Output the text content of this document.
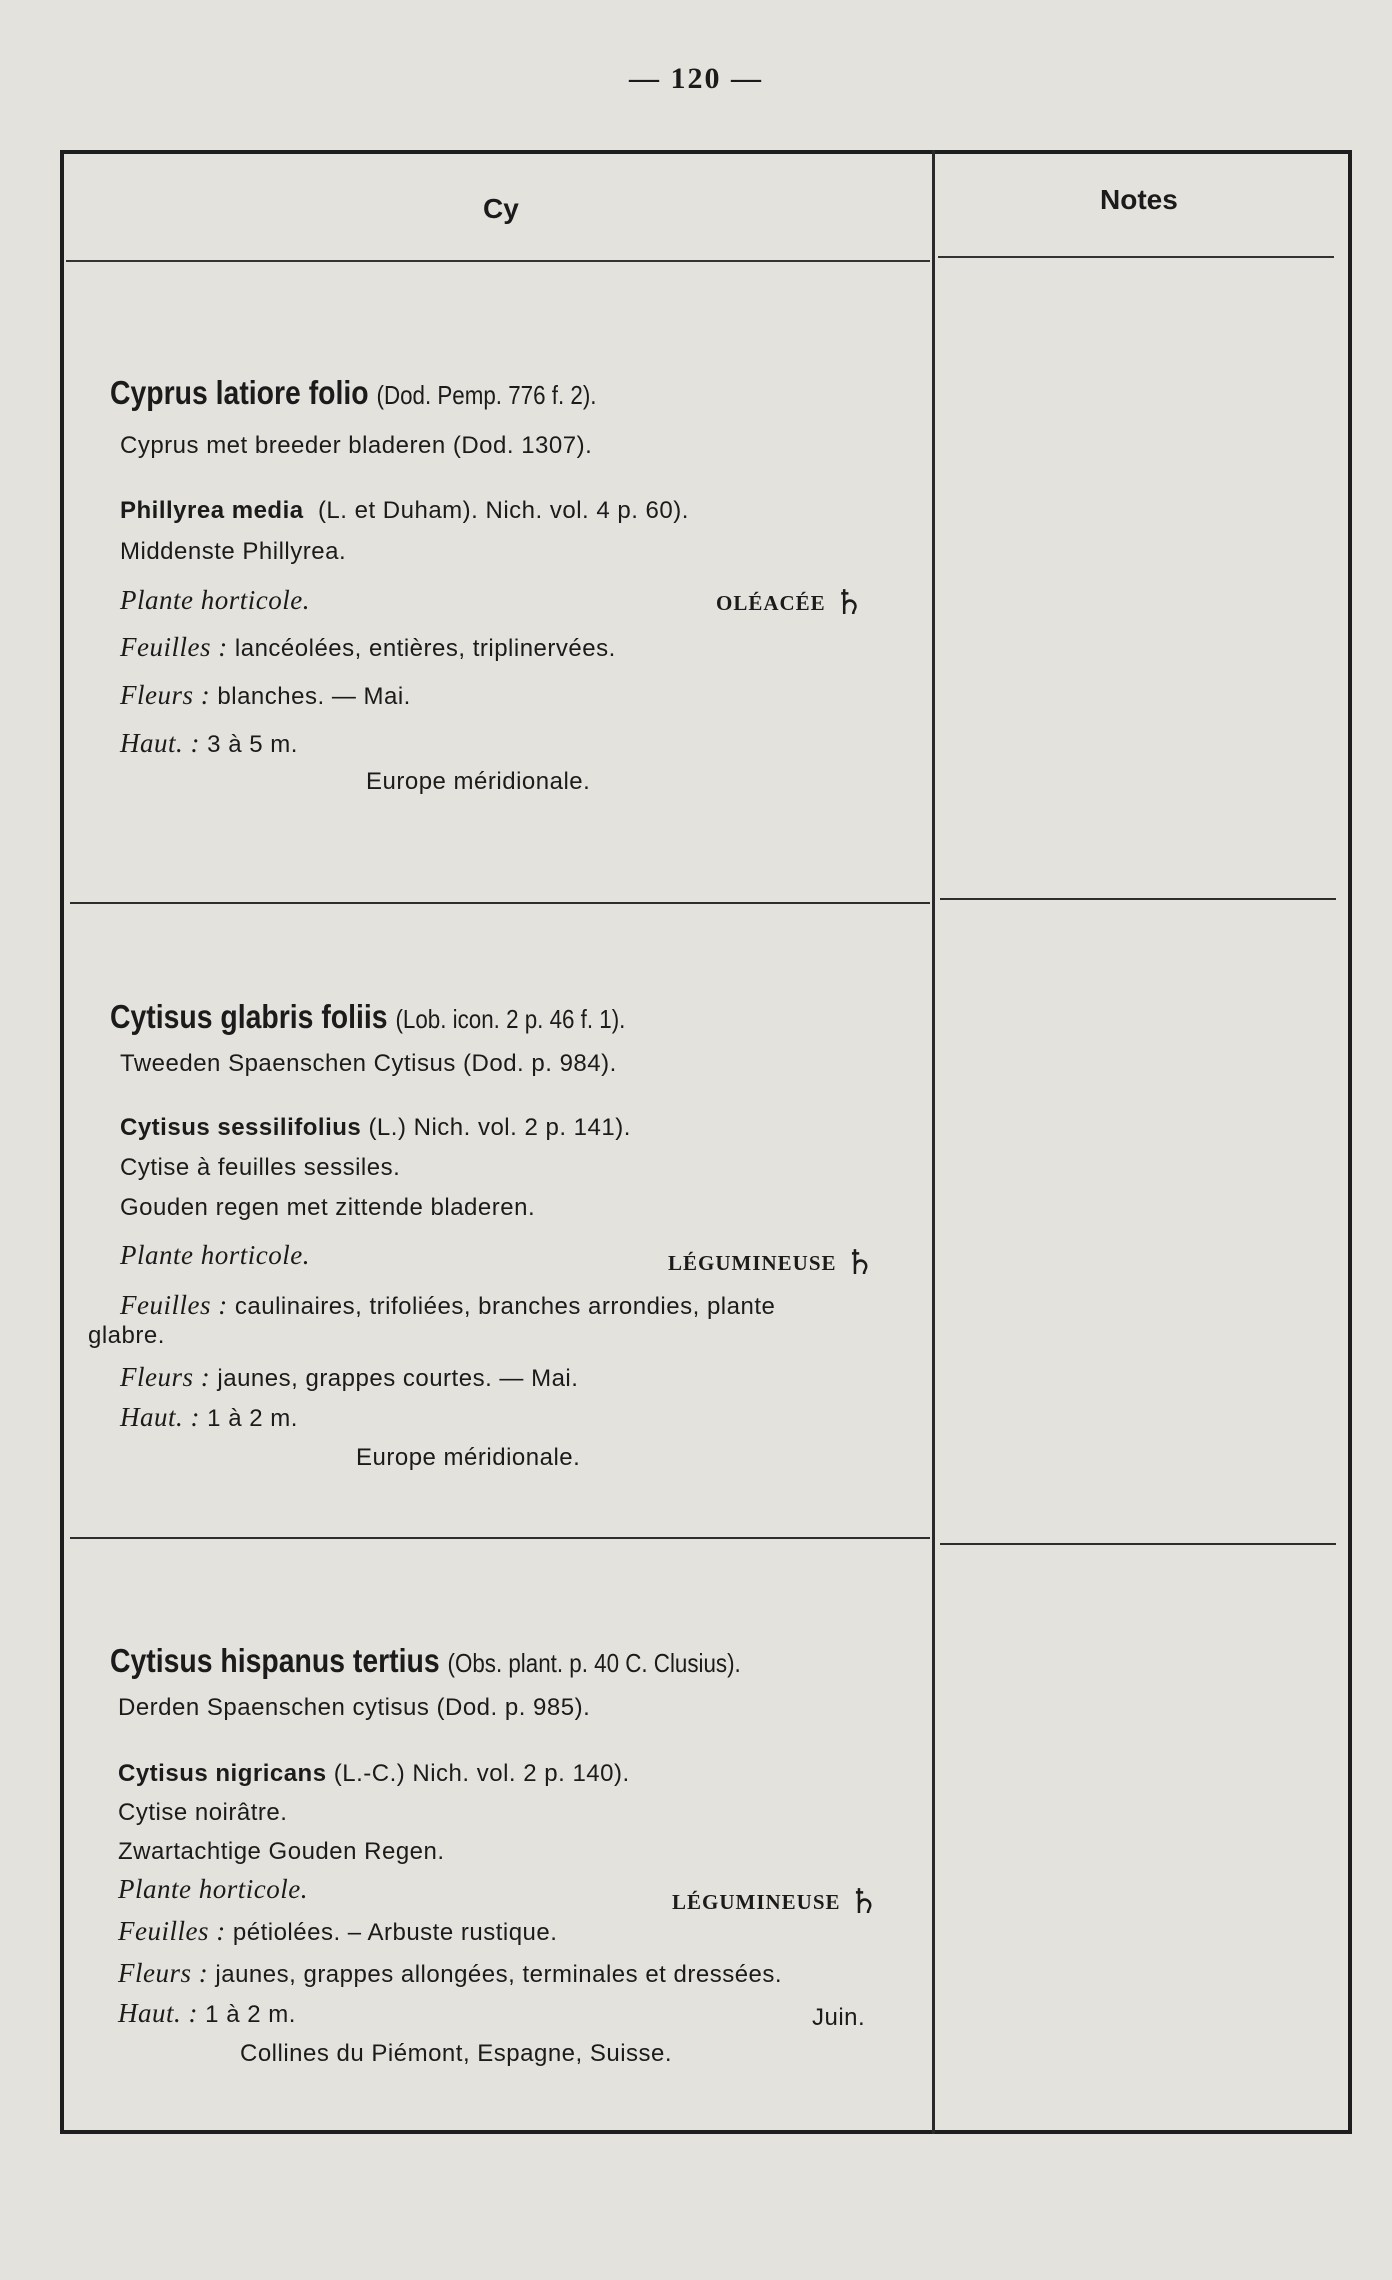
— 120 —
Cy	Notes
Cyprus latiore folio (Dod. Pemp. 776 f. 2).
Cyprus met breeder bladeren (Dod. 1307).
Phillyrea media (L. et Duham). Nich. vol. 4 p. 60).
Middenste Phillyrea.
Plante horticole.	OLÉACÉE ♄
Feuilles : lancéolées, entières, triplinervées.
Fleurs : blanches. — Mai.
Haut. : 3 à 5 m.
Europe méridionale.
Cytisus glabris foliis (Lob. icon. 2 p. 46 f. 1).
Tweeden Spaenschen Cytisus (Dod. p. 984).
Cytisus sessilifolius (L.) Nich. vol. 2 p. 141).
Cytise à feuilles sessiles.
Gouden regen met zittende bladeren.
Plante horticole.	LÉGUMINEUSE ♄
Feuilles : caulinaires, trifoliées, branches arrondies, plante
glabre.
Fleurs : jaunes, grappes courtes. — Mai.
Haut. : 1 à 2 m.
Europe méridionale.
Cytisus hispanus tertius (Obs. plant. p. 40 C. Clusius).
Derden Spaenschen cytisus (Dod. p. 985).
Cytisus nigricans (L.-C.) Nich. vol. 2 p. 140).
Cytise noirâtre.
Zwartachtige Gouden Regen.
Plante horticole.	LÉGUMINEUSE ♄
Feuilles : pétiolées. – Arbuste rustique.
Fleurs : jaunes, grappes allongées, terminales et dressées.
Haut. : 1 à 2 m.	Juin.
Collines du Piémont, Espagne, Suisse.
